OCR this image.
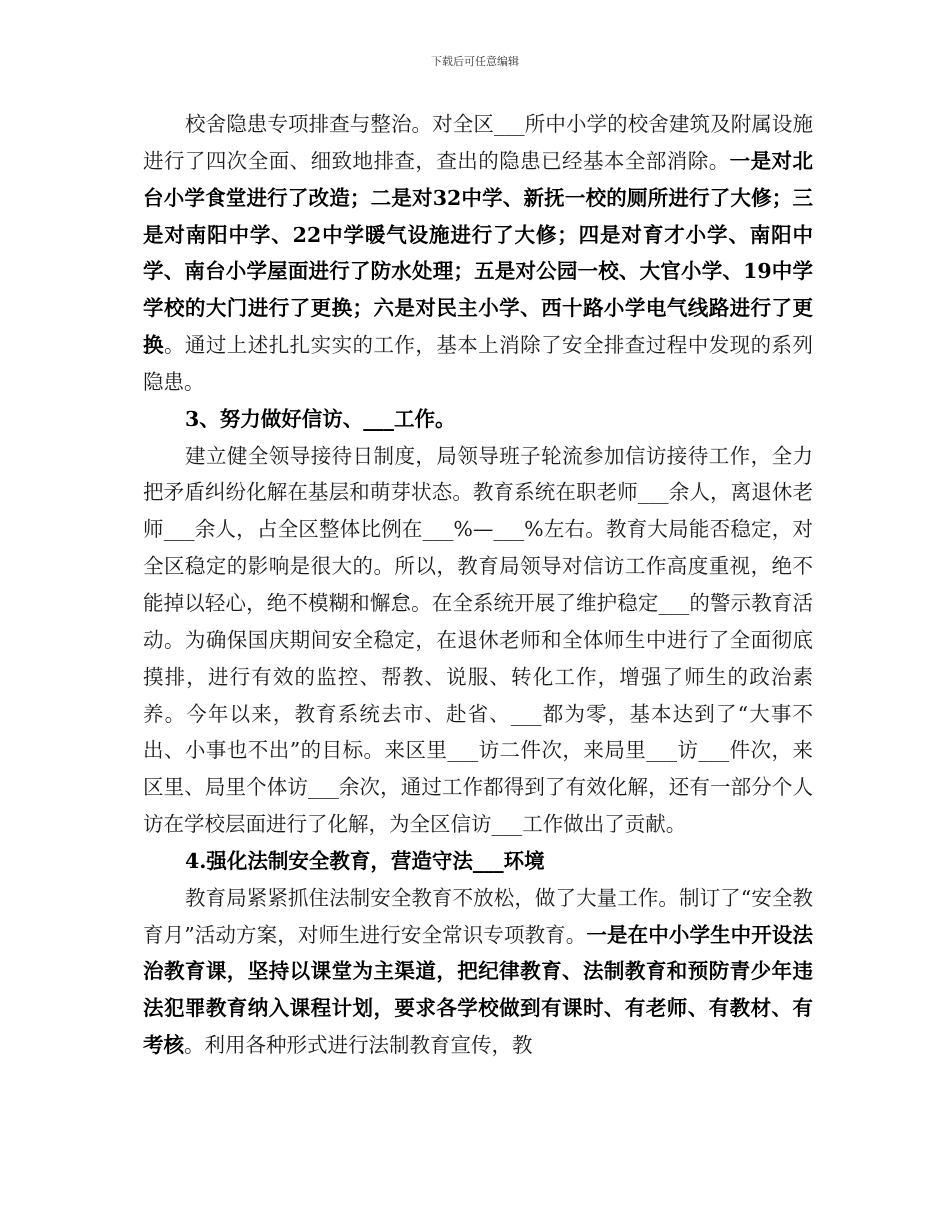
下载后可任意编辑

校舍隐患专项排查与整治。对全区___所中小学的校舍建筑及附属设施进行了四次全面、细致地排查，查出的隐患已经基本全部消除。一是对北台小学食堂进行了改造；二是对32中学、新抚一校的厕所进行了大修；三是对南阳中学、22中学暖气设施进行了大修；四是对育才小学、南阳中学、南台小学屋面进行了防水处理；五是对公园一校、大官小学、19中学学校的大门进行了更换；六是对民主小学、西十路小学电气线路进行了更换。通过上述扎扎实实的工作，基本上消除了安全排查过程中发现的系列隐患。

3、努力做好信访、___工作。

建立健全领导接待日制度，局领导班子轮流参加信访接待工作，全力把矛盾纠纷化解在基层和萌芽状态。教育系统在职老师___余人，离退休老师___余人，占全区整体比例在___%—___%左右。教育大局能否稳定，对全区稳定的影响是很大的。所以，教育局领导对信访工作高度重视，绝不能掉以轻心，绝不模糊和懈怠。在全系统开展了维护稳定___的警示教育活动。为确保国庆期间安全稳定，在退休老师和全体师生中进行了全面彻底摸排，进行有效的监控、帮教、说服、转化工作，增强了师生的政治素养。今年以来，教育系统去市、赴省、___都为零，基本达到了“大事不出、小事也不出”的目标。来区里___访二件次，来局里___访___件次，来区里、局里个体访___余次，通过工作都得到了有效化解，还有一部分个人访在学校层面进行了化解，为全区信访___工作做出了贡献。

4.强化法制安全教育，营造守法___环境

教育局紧紧抓住法制安全教育不放松，做了大量工作。制订了“安全教育月”活动方案，对师生进行安全常识专项教育。一是在中小学生中开设法治教育课，坚持以课堂为主渠道，把纪律教育、法制教育和预防青少年违法犯罪教育纳入课程计划，要求各学校做到有课时、有老师、有教材、有考核。利用各种形式进行法制教育宣传，教
